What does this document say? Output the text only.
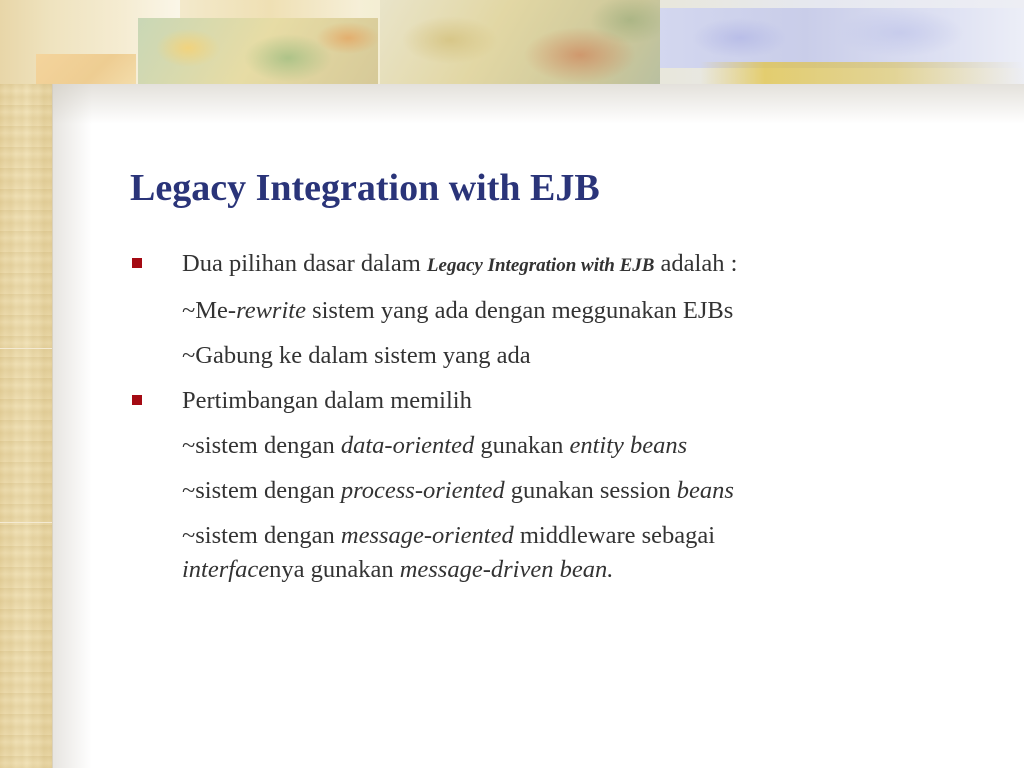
Legacy Integration with EJB
Dua pilihan dasar dalam Legacy Integration with EJB adalah :
~Me-rewrite sistem yang ada dengan meggunakan EJBs
~Gabung ke dalam sistem yang ada
Pertimbangan dalam memilih
~sistem dengan data-oriented gunakan entity beans
~sistem dengan process-oriented gunakan session beans
~sistem dengan message-oriented middleware sebagai
interfacenya gunakan message-driven bean.
